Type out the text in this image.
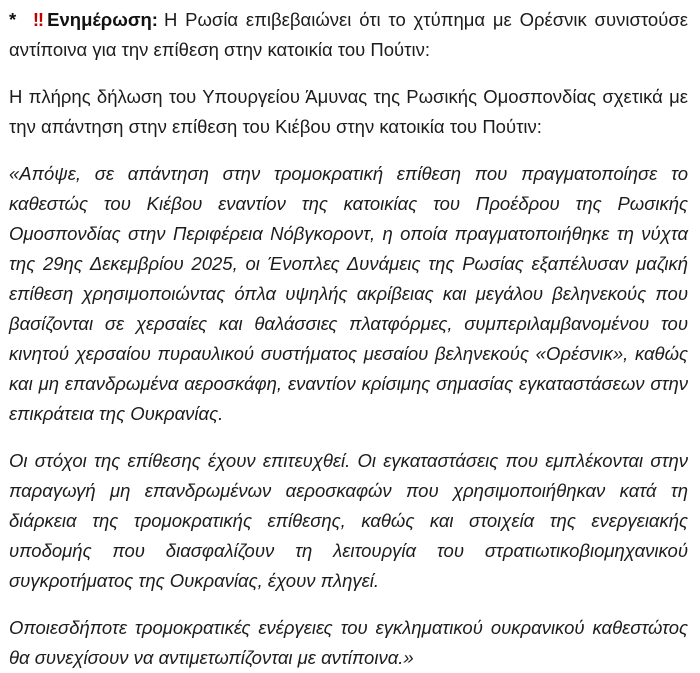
* ‼Ενημέρωση: Η Ρωσία επιβεβαιώνει ότι το χτύπημα με Ορέσνικ συνιστούσε αντίποινα για την επίθεση στην κατοικία του Πούτιν:

Η πλήρης δήλωση του Υπουργείου Άμυνας της Ρωσικής Ομοσπονδίας σχετικά με την απάντηση στην επίθεση του Κιέβου στην κατοικία του Πούτιν:

«Απόψε, σε απάντηση στην τρομοκρατική επίθεση που πραγματοποίησε το καθεστώς του Κιέβου εναντίον της κατοικίας του Προέδρου της Ρωσικής Ομοσπονδίας στην Περιφέρεια Νόβγκοροντ, η οποία πραγματοποιήθηκε τη νύχτα της 29ης Δεκεμβρίου 2025, οι Ένοπλες Δυνάμεις της Ρωσίας εξαπέλυσαν μαζική επίθεση χρησιμοποιώντας όπλα υψηλής ακρίβειας και μεγάλου βεληνεκούς που βασίζονται σε χερσαίες και θαλάσσιες πλατφόρμες, συμπεριλαμβανομένου του κινητού χερσαίου πυραυλικού συστήματος μεσαίου βεληνεκούς «Ορέσνικ», καθώς και μη επανδρωμένα αεροσκάφη, εναντίον κρίσιμης σημασίας εγκαταστάσεων στην επικράτεια της Ουκρανίας.

Οι στόχοι της επίθεσης έχουν επιτευχθεί. Οι εγκαταστάσεις που εμπλέκονται στην παραγωγή μη επανδρωμένων αεροσκαφών που χρησιμοποιήθηκαν κατά τη διάρκεια της τρομοκρατικής επίθεσης, καθώς και στοιχεία της ενεργειακής υποδομής που διασφαλίζουν τη λειτουργία του στρατιωτικοβιομηχανικού συγκροτήματος της Ουκρανίας, έχουν πληγεί.

Οποιεσδήποτε τρομοκρατικές ενέργειες του εγκληματικού ουκρανικού καθεστώτος θα συνεχίσουν να αντιμετωπίζονται με αντίποινα.»
